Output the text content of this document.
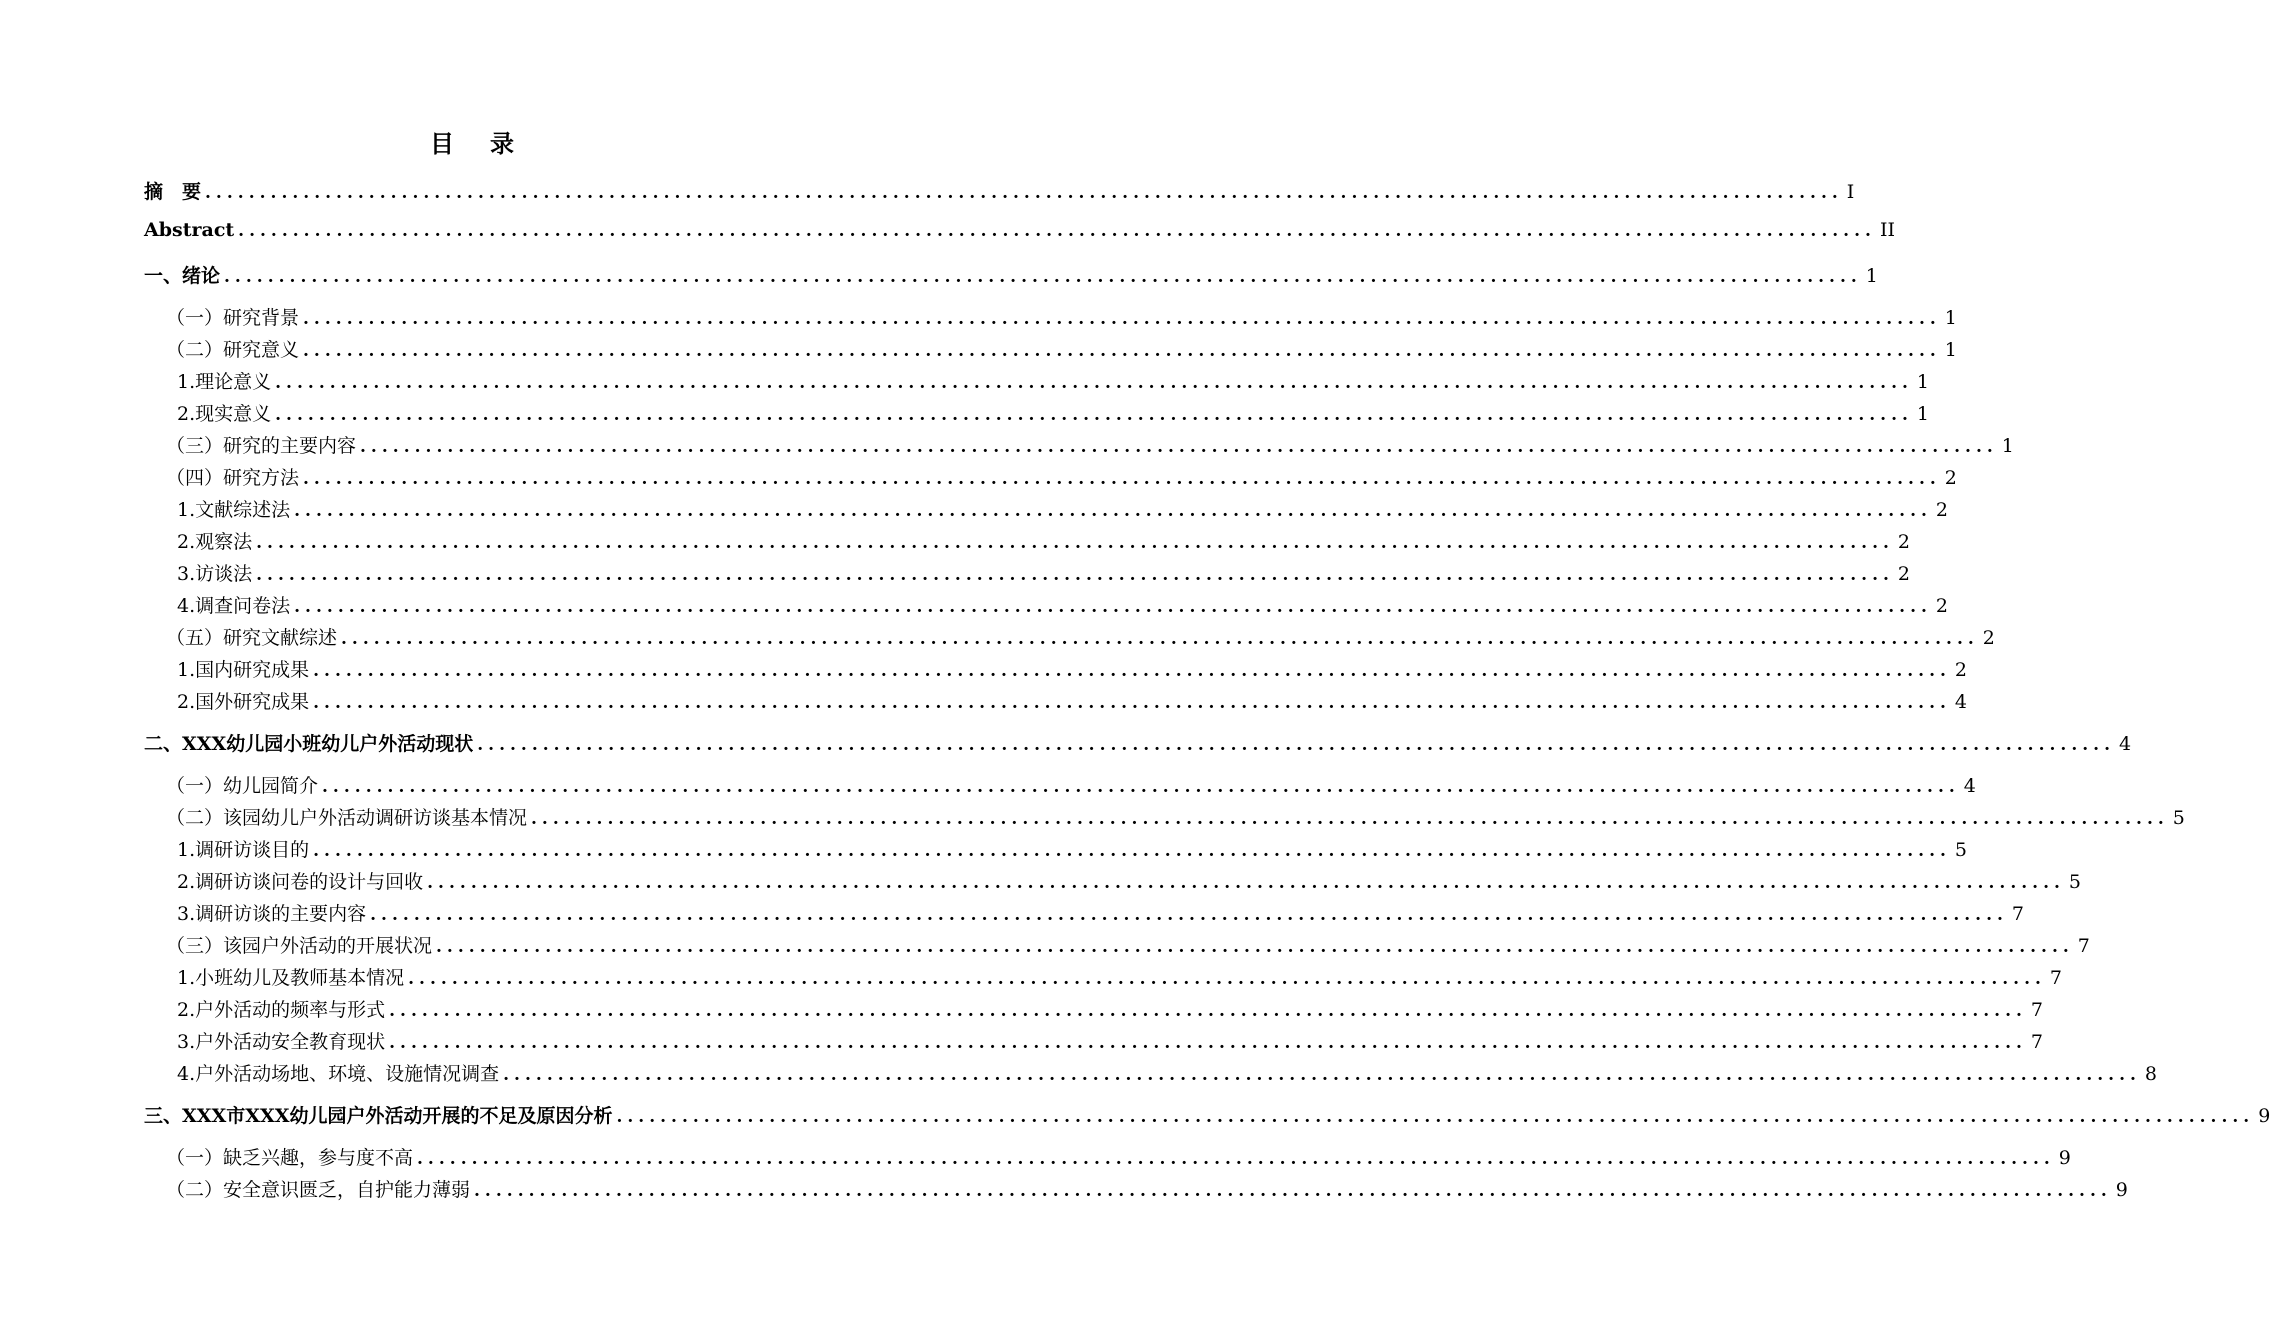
目　录
摘　要 ...................................................................................................................................................... I
Abstract ...................................................................................................................................................... II
一、绪论 ...................................................................................................................................................... 1
（一）研究背景 ...................................................................................................................................................... 1
（二）研究意义 ...................................................................................................................................................... 1
1.理论意义 ...................................................................................................................................................... 1
2.现实意义 ...................................................................................................................................................... 1
（三）研究的主要内容 ...................................................................................................................................................... 1
（四）研究方法 ...................................................................................................................................................... 2
1.文献综述法 ...................................................................................................................................................... 2
2.观察法 ...................................................................................................................................................... 2
3.访谈法 ...................................................................................................................................................... 2
4.调查问卷法 ...................................................................................................................................................... 2
（五）研究文献综述 ...................................................................................................................................................... 2
1.国内研究成果 ...................................................................................................................................................... 2
2.国外研究成果 ...................................................................................................................................................... 4
二、XXX幼儿园小班幼儿户外活动现状 ...................................................................................................................................................... 4
（一）幼儿园简介 ...................................................................................................................................................... 4
（二）该园幼儿户外活动调研访谈基本情况 ...................................................................................................................................................... 5
1.调研访谈目的 ...................................................................................................................................................... 5
2.调研访谈问卷的设计与回收 ...................................................................................................................................................... 5
3.调研访谈的主要内容 ...................................................................................................................................................... 7
（三）该园户外活动的开展状况 ...................................................................................................................................................... 7
1.小班幼儿及教师基本情况 ...................................................................................................................................................... 7
2.户外活动的频率与形式 ...................................................................................................................................................... 7
3.户外活动安全教育现状 ...................................................................................................................................................... 7
4.户外活动场地、环境、设施情况调查 ...................................................................................................................................................... 8
三、XXX市XXX幼儿园户外活动开展的不足及原因分析 ...................................................................................................................................................... 9
（一）缺乏兴趣，参与度不高 ...................................................................................................................................................... 9
（二）安全意识匮乏，自护能力薄弱 ...................................................................................................................................................... 9
